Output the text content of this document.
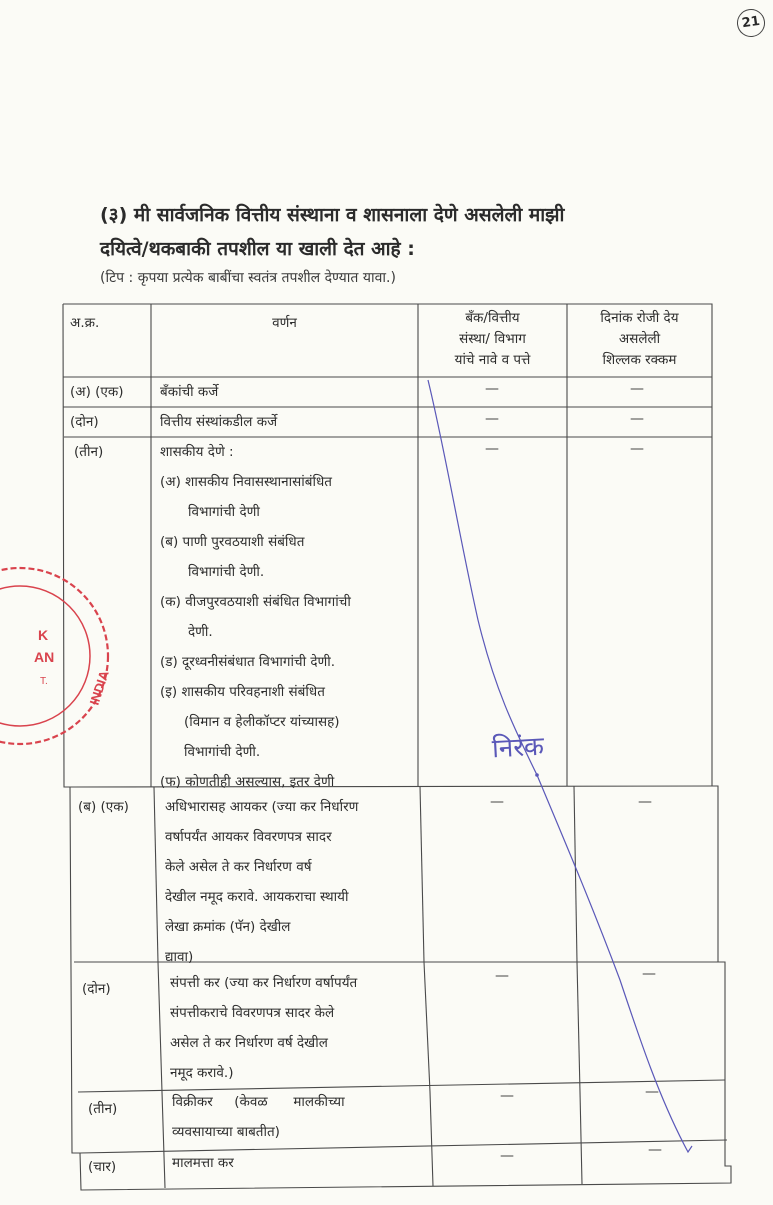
21
(३) मी सार्वजनिक वित्तीय संस्थाना व शासनाला देणे असलेली माझी
दयित्वे/थकबाकी तपशील या खाली देत आहे :
(टिप : कृपया प्रत्येक बाबींचा स्वतंत्र तपशील देण्यात यावा.)
अ.क्र.	वर्णन	बँक/वित्तीय
संस्था/ विभाग
यांचे नावे व पत्ते
दिनांक रोजी देय
असलेली
शिल्लक रक्कम
(अ) (एक)	बँकांची कर्जे	—	—
(दोन)	वित्तीय संस्थांकडील कर्जे	—	—
(तीन)	शासकीय देणे :
(अ) शासकीय निवासस्थानासांबंधित
विभागांची देणी
(ब) पाणी पुरवठयाशी संबंधित
विभागांची देणी.
(क) वीजपुरवठयाशी संबंधित विभागांची
देणी.
(ड) दूरध्वनीसंबंधात विभागांची देणी.
(इ) शासकीय परिवहनाशी संबंधित
(विमान व हेलीकॉप्टर यांच्यासह)
विभागांची देणी.
(फ) कोणतीही असल्यास, इतर देणी
—	—
(ब) (एक)	अधिभारासह आयकर (ज्या कर निर्धारण
वर्षापर्यंत आयकर विवरणपत्र सादर
केले असेल ते कर निर्धारण वर्ष
देखील नमूद करावे. आयकराचा स्थायी
लेखा क्रमांक (पॅन) देखील
द्यावा)
—	—
(दोन)	संपत्ती कर (ज्या कर निर्धारण वर्षापर्यंत
संपत्तीकराचे विवरणपत्र सादर केले
असेल ते कर निर्धारण वर्ष देखील
नमूद करावे.)
—	—
(तीन)	विक्रीकर     (केवळ      मालकीच्या
व्यवसायाच्या बाबतीत)
—	—
(चार)	मालमत्ता कर	—	—
निरंक
K
AN
T.	INDIA
